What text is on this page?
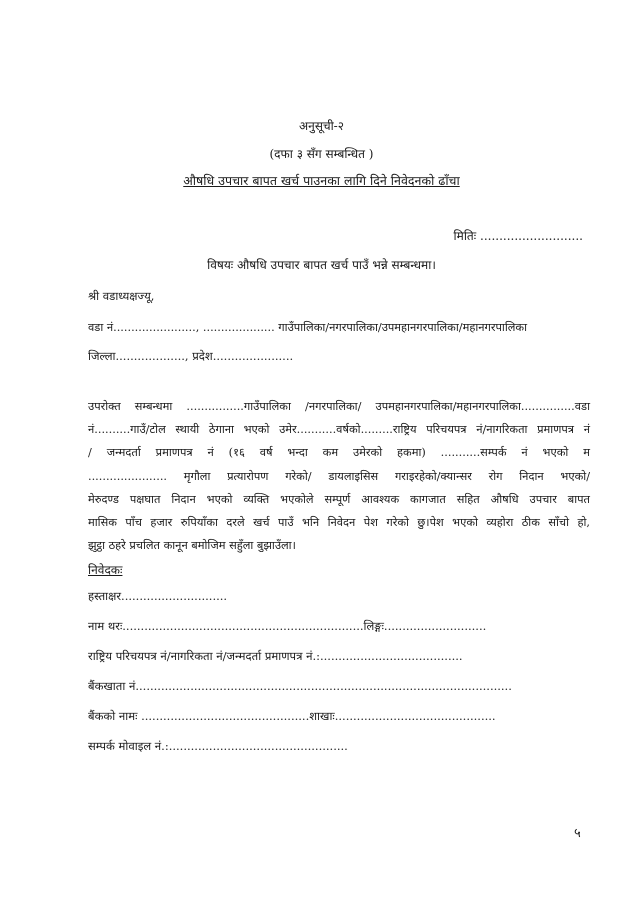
अनुसूची-२
(दफा ३ सँग सम्बन्धित )
औषधि उपचार बापत खर्च पाउनका लागि दिने निवेदनको ढाँचा
मितिः ...........................
विषयः औषधि उपचार बापत खर्च पाउँ भन्ने सम्बन्धमा।
श्री वडाध्यक्षज्यू,
वडा नं......................., .................... गाउँपालिका/नगरपालिका/उपमहानगरपालिका/महानगरपालिका
जिल्ला..................., प्रदेश......................
उपरोक्त सम्बन्धमा ................गाउँपालिका /नगरपालिका/ उपमहानगरपालिका/महानगरपालिका...............वडा
नं..........गाउँ/टोल स्थायी ठेगाना भएको उमेर...........वर्षको.........राष्ट्रिय परिचयपत्र नं/नागरिकता प्रमाणपत्र नं
/ जन्मदर्ता प्रमाणपत्र नं (१६ वर्ष भन्दा कम उमेरको हकमा) ...........सम्पर्क नं भएको म
...................... मृगौला प्रत्यारोपण गरेको/ डायलाइसिस गराइरहेको/क्यान्सर रोग निदान भएको/
मेरुदण्ड पक्षघात निदान भएको व्यक्ति भएकोले सम्पूर्ण आवश्यक कागजात सहित औषधि उपचार बापत
मासिक पाँच हजार रुपियाँका दरले खर्च पाउँ भनि निवेदन पेश गरेको छु।पेश भएको व्यहोरा ठीक साँचो हो,
झुट्ठा ठहरे प्रचलित कानून बमोजिम सहुँला बुझाउँला।
निवेदकः
हस्ताक्षर.............................
नाम थरः..................................................................लिङ्गः............................
राष्ट्रिय परिचयपत्र नं/नागरिकता नं/जन्मदर्ता प्रमाणपत्र नं.:.......................................
बैंकखाता नं.......................................................................................................
बैंकको नामः ..............................................शाखाः............................................
सम्पर्क मोवाइल नं.:.................................................
५
